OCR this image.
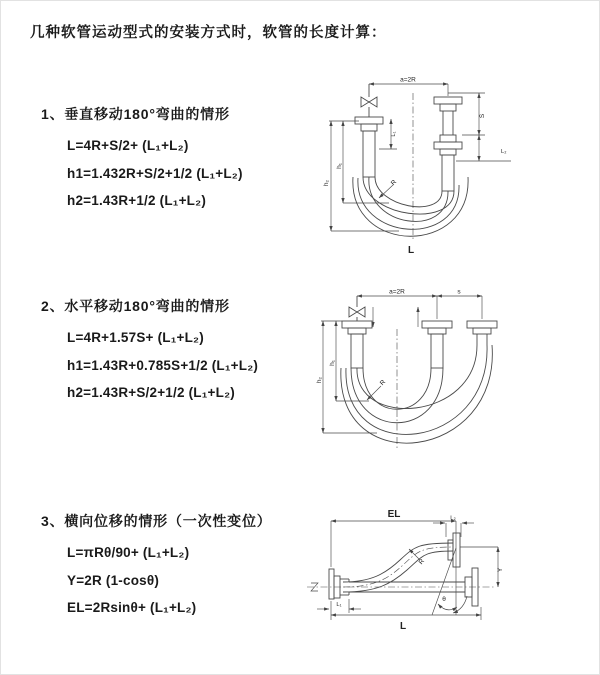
几种软管运动型式的安装方式时，软管的长度计算：

1、垂直移动180°弯曲的情形

L=4R+S/2+ (L₁+L₂)
h1=1.432R+S/2+1/2 (L₁+L₂)
h2=1.43R+1/2 (L₁+L₂)
a=2R
R
h₁
h₂
L₁
S
L₂
L

2、水平移动180°弯曲的情形

L=4R+1.57S+ (L₁+L₂)
h1=1.43R+0.785S+1/2 (L₁+L₂)
h2=1.43R+S/2+1/2 (L₁+L₂)
a=2R	s
R
h₁
h₂

3、横向位移的情形（一次性变位）

L=πRθ/90+ (L₁+L₂)
Y=2R (1-cosθ)
EL=2Rsinθ+ (L₁+L₂)
EL	L₂
Y
θ
R
L₁
L
